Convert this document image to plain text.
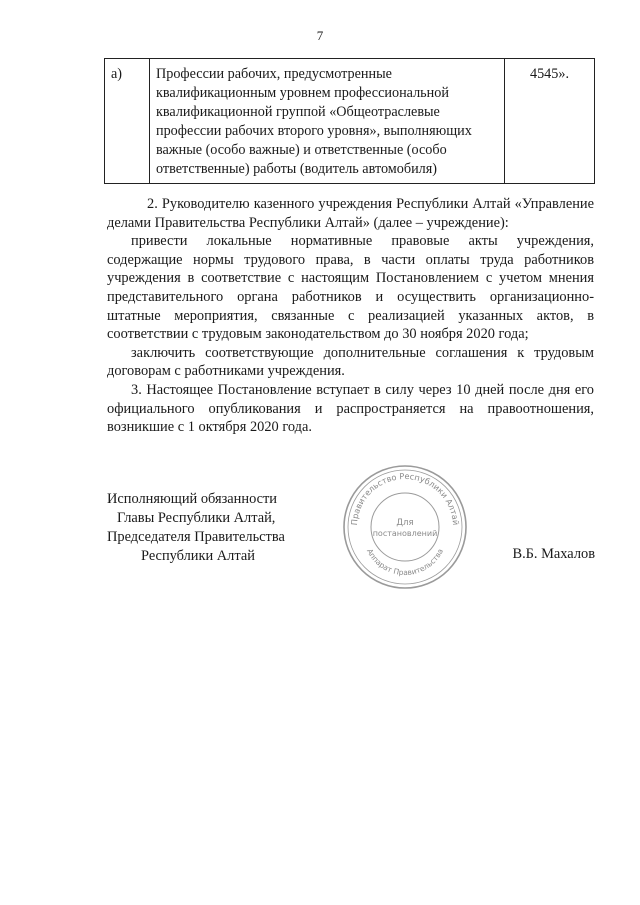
7
а)	Профессии рабочих, предусмотренные квалификационным уровнем профессиональной квалификационной группой «Общеотраслевые профессии рабочих второго уровня», выполняющих важные (особо важные) и ответственные (особо ответственные) работы (водитель автомобиля)	4545».

2. Руководителю казенного учреждения Республики Алтай «Управление делами Правительства Республики Алтай» (далее – учреждение):

привести локальные нормативные правовые акты учреждения, содержащие нормы трудового права, в части оплаты труда работников учреждения в соответствие с настоящим Постановлением с учетом мнения представительного органа работников и осуществить организационно-штатные мероприятия, связанные с реализацией указанных актов, в соответствии с трудовым законодательством до 30 ноября 2020 года;

заключить соответствующие дополнительные соглашения к трудовым договорам с работниками учреждения.

3. Настоящее Постановление вступает в силу через 10 дней после дня его официального опубликования и распространяется на правоотношения, возникшие с 1 октября 2020 года.

Исполняющий обязанности
Главы Республики Алтай,
Председателя Правительства
Республики Алтай	В.Б. Махалов
Правительство Республики Алтай
Аппарат Правительства
Для
постановлений
